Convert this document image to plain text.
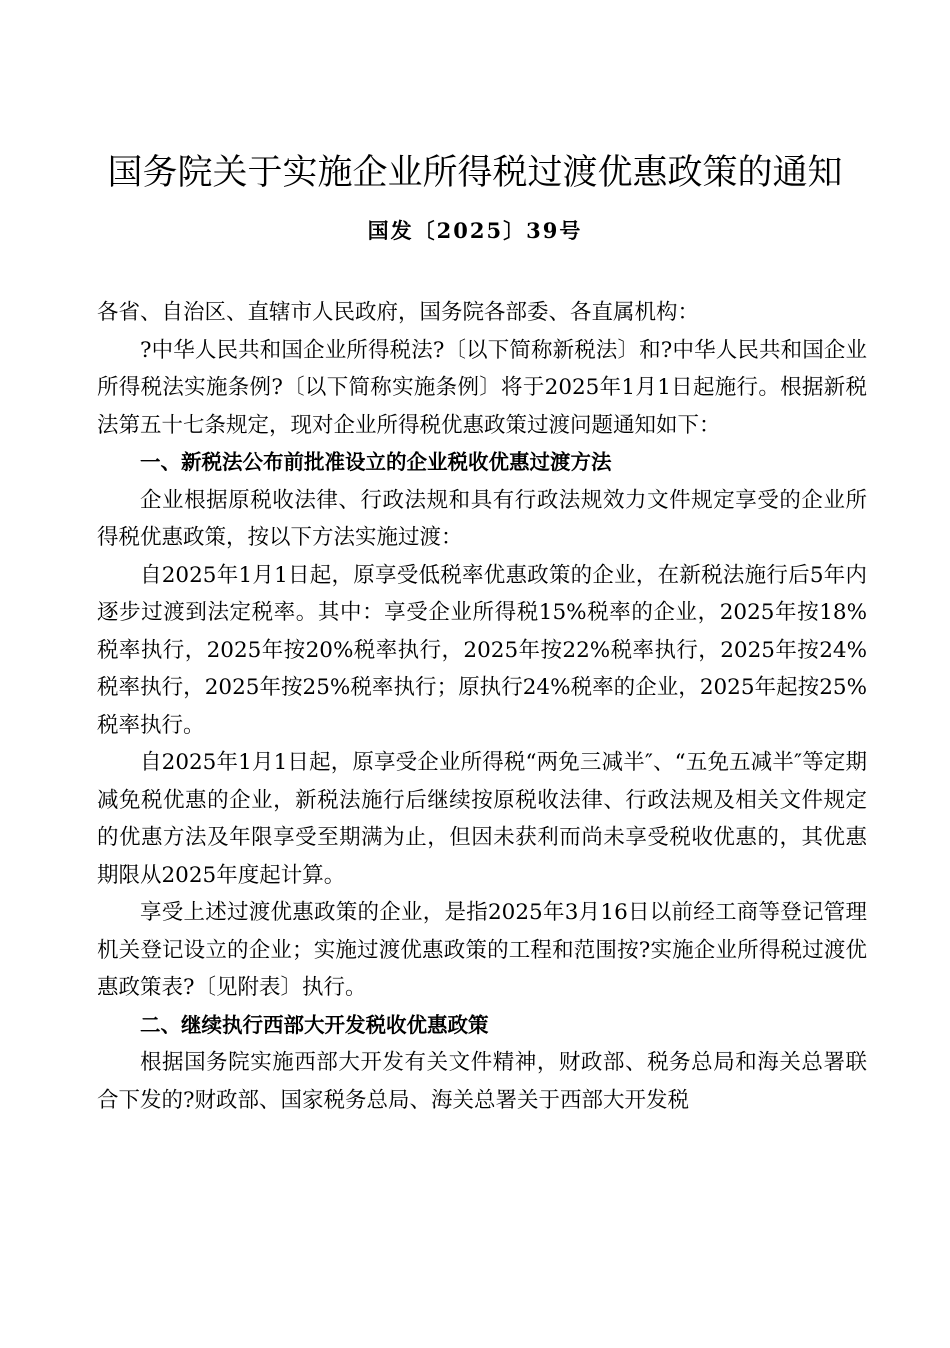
国务院关于实施企业所得税过渡优惠政策的通知
国发〔2025〕39号

各省、自治区、直辖市人民政府，国务院各部委、各直属机构：

?中华人民共和国企业所得税法?〔以下简称新税法〕和?中华人民共和国企业所得税法实施条例?〔以下简称实施条例〕将于2025年1月1日起施行。根据新税法第五十七条规定，现对企业所得税优惠政策过渡问题通知如下：

一、新税法公布前批准设立的企业税收优惠过渡方法

企业根据原税收法律、行政法规和具有行政法规效力文件规定享受的企业所得税优惠政策，按以下方法实施过渡：

自2025年1月1日起，原享受低税率优惠政策的企业，在新税法施行后5年内逐步过渡到法定税率。其中：享受企业所得税15%税率的企业，2025年按18%税率执行，2025年按20%税率执行，2025年按22%税率执行，2025年按24%税率执行，2025年按25%税率执行；原执行24%税率的企业，2025年起按25%税率执行。

自2025年1月1日起，原享受企业所得税“两免三减半″、“五免五减半″等定期减免税优惠的企业，新税法施行后继续按原税收法律、行政法规及相关文件规定的优惠方法及年限享受至期满为止，但因未获利而尚未享受税收优惠的，其优惠期限从2025年度起计算。

享受上述过渡优惠政策的企业，是指2025年3月16日以前经工商等登记管理机关登记设立的企业；实施过渡优惠政策的工程和范围按?实施企业所得税过渡优惠政策表?〔见附表〕执行。

二、继续执行西部大开发税收优惠政策

根据国务院实施西部大开发有关文件精神，财政部、税务总局和海关总署联合下发的?财政部、国家税务总局、海关总署关于西部大开发税
